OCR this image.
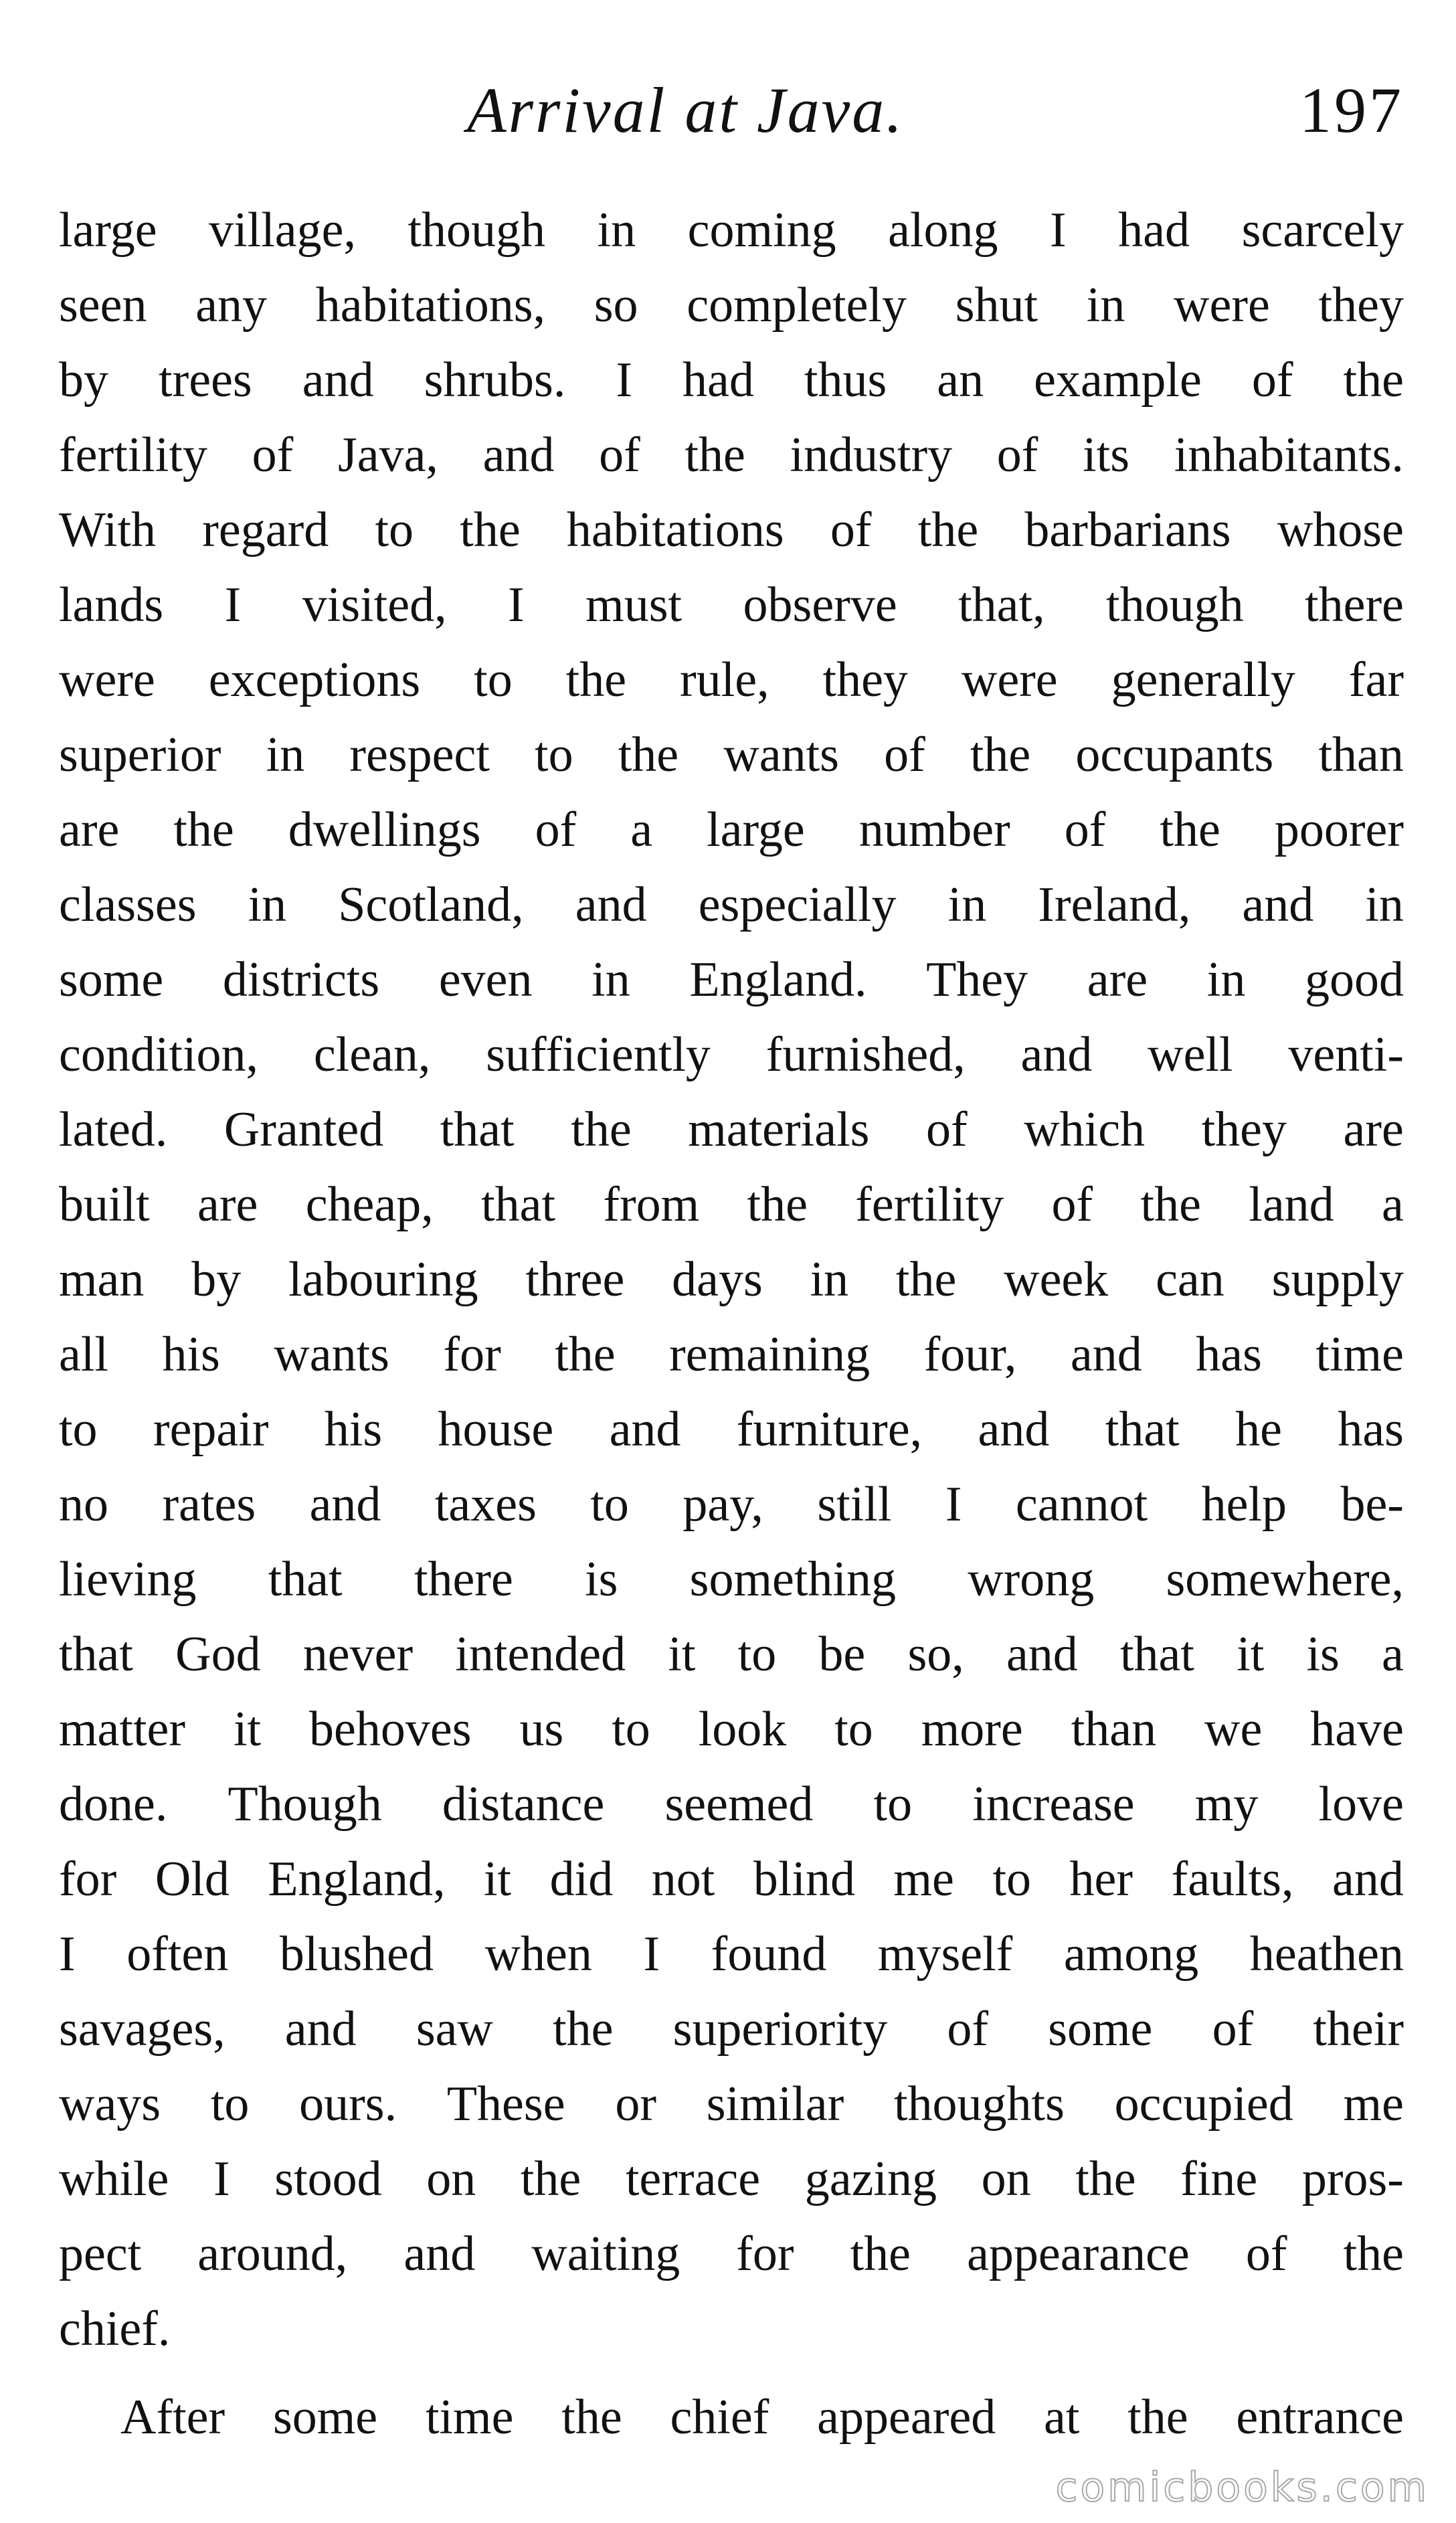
Arrival at Java.	197
large village, though in coming along I had scarcely
seen any habitations, so completely shut in were they
by trees and shrubs. I had thus an example of the
fertility of Java, and of the industry of its inhabitants.
With regard to the habitations of the barbarians whose
lands I visited, I must observe that, though there
were exceptions to the rule, they were generally far
superior in respect to the wants of the occupants than
are the dwellings of a large number of the poorer
classes in Scotland, and especially in Ireland, and in
some districts even in England. They are in good
condition, clean, sufficiently furnished, and well venti-
lated. Granted that the materials of which they are
built are cheap, that from the fertility of the land a
man by labouring three days in the week can supply
all his wants for the remaining four, and has time
to repair his house and furniture, and that he has
no rates and taxes to pay, still I cannot help be-
lieving that there is something wrong somewhere,
that God never intended it to be so, and that it is a
matter it behoves us to look to more than we have
done. Though distance seemed to increase my love
for Old England, it did not blind me to her faults, and
I often blushed when I found myself among heathen
savages, and saw the superiority of some of their
ways to ours. These or similar thoughts occupied me
while I stood on the terrace gazing on the fine pros-
pect around, and waiting for the appearance of the
chief.
After some time the chief appeared at the entrance
comicbooks.com
